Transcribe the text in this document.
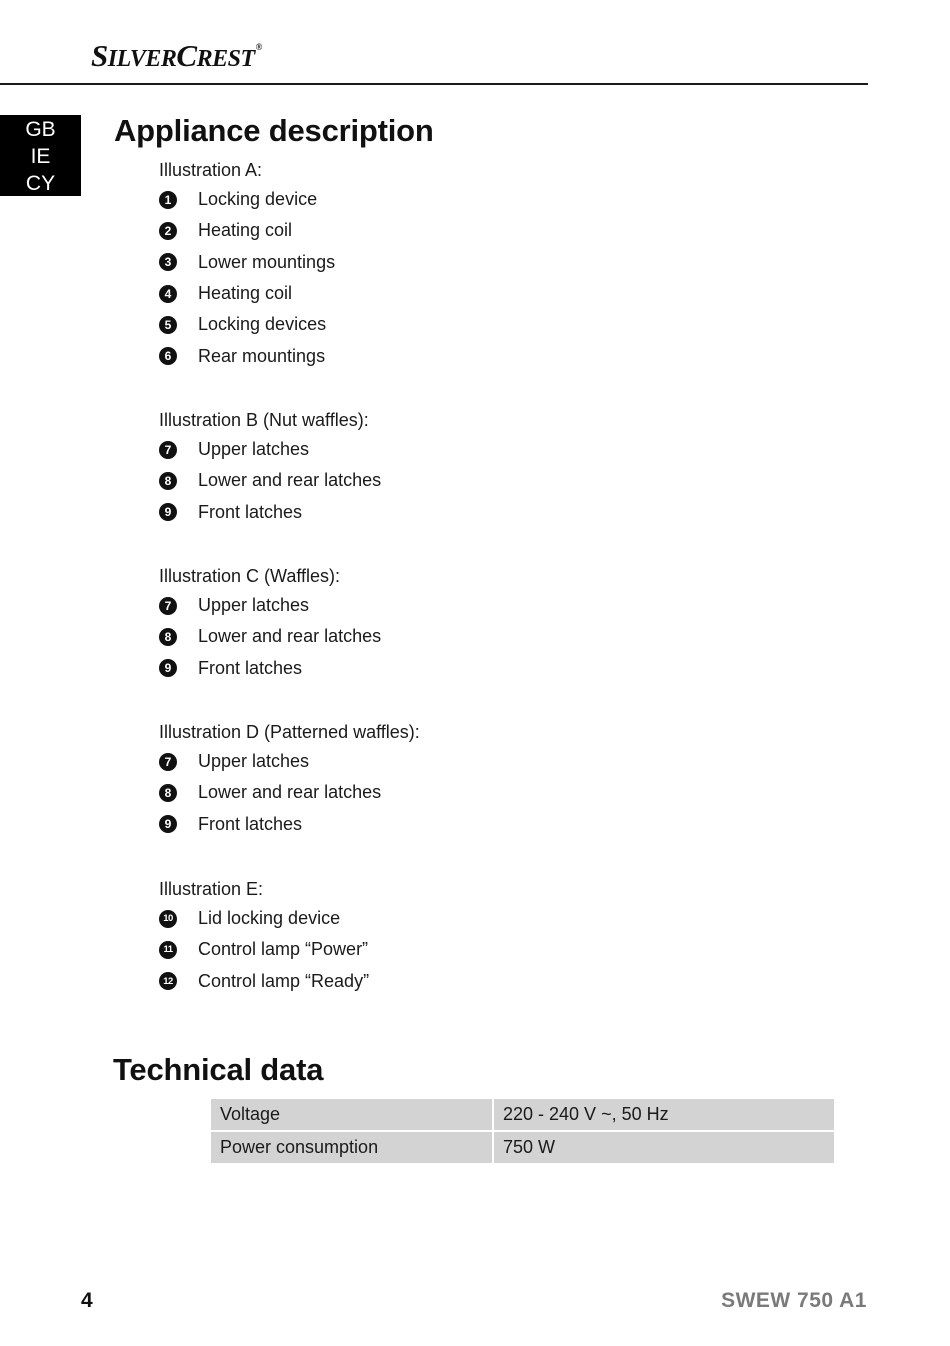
SILVERCREST®
GB
IE
CY
Appliance description
Illustration A:
1	Locking device
2	Heating coil
3	Lower mountings
4	Heating coil
5	Locking devices
6	Rear mountings
Illustration B (Nut waffles):
7	Upper latches
8	Lower and rear latches
9	Front latches
Illustration C (Waffles):
7	Upper latches
8	Lower and rear latches
9	Front latches
Illustration D (Patterned waffles):
7	Upper latches
8	Lower and rear latches
9	Front latches
Illustration E:
10 Lid locking device
11 Control lamp “Power”
12 Control lamp “Ready”
Technical data
Voltage	220 - 240 V ~, 50 Hz
Power consumption	750 W
4	SWEW 750 A1
